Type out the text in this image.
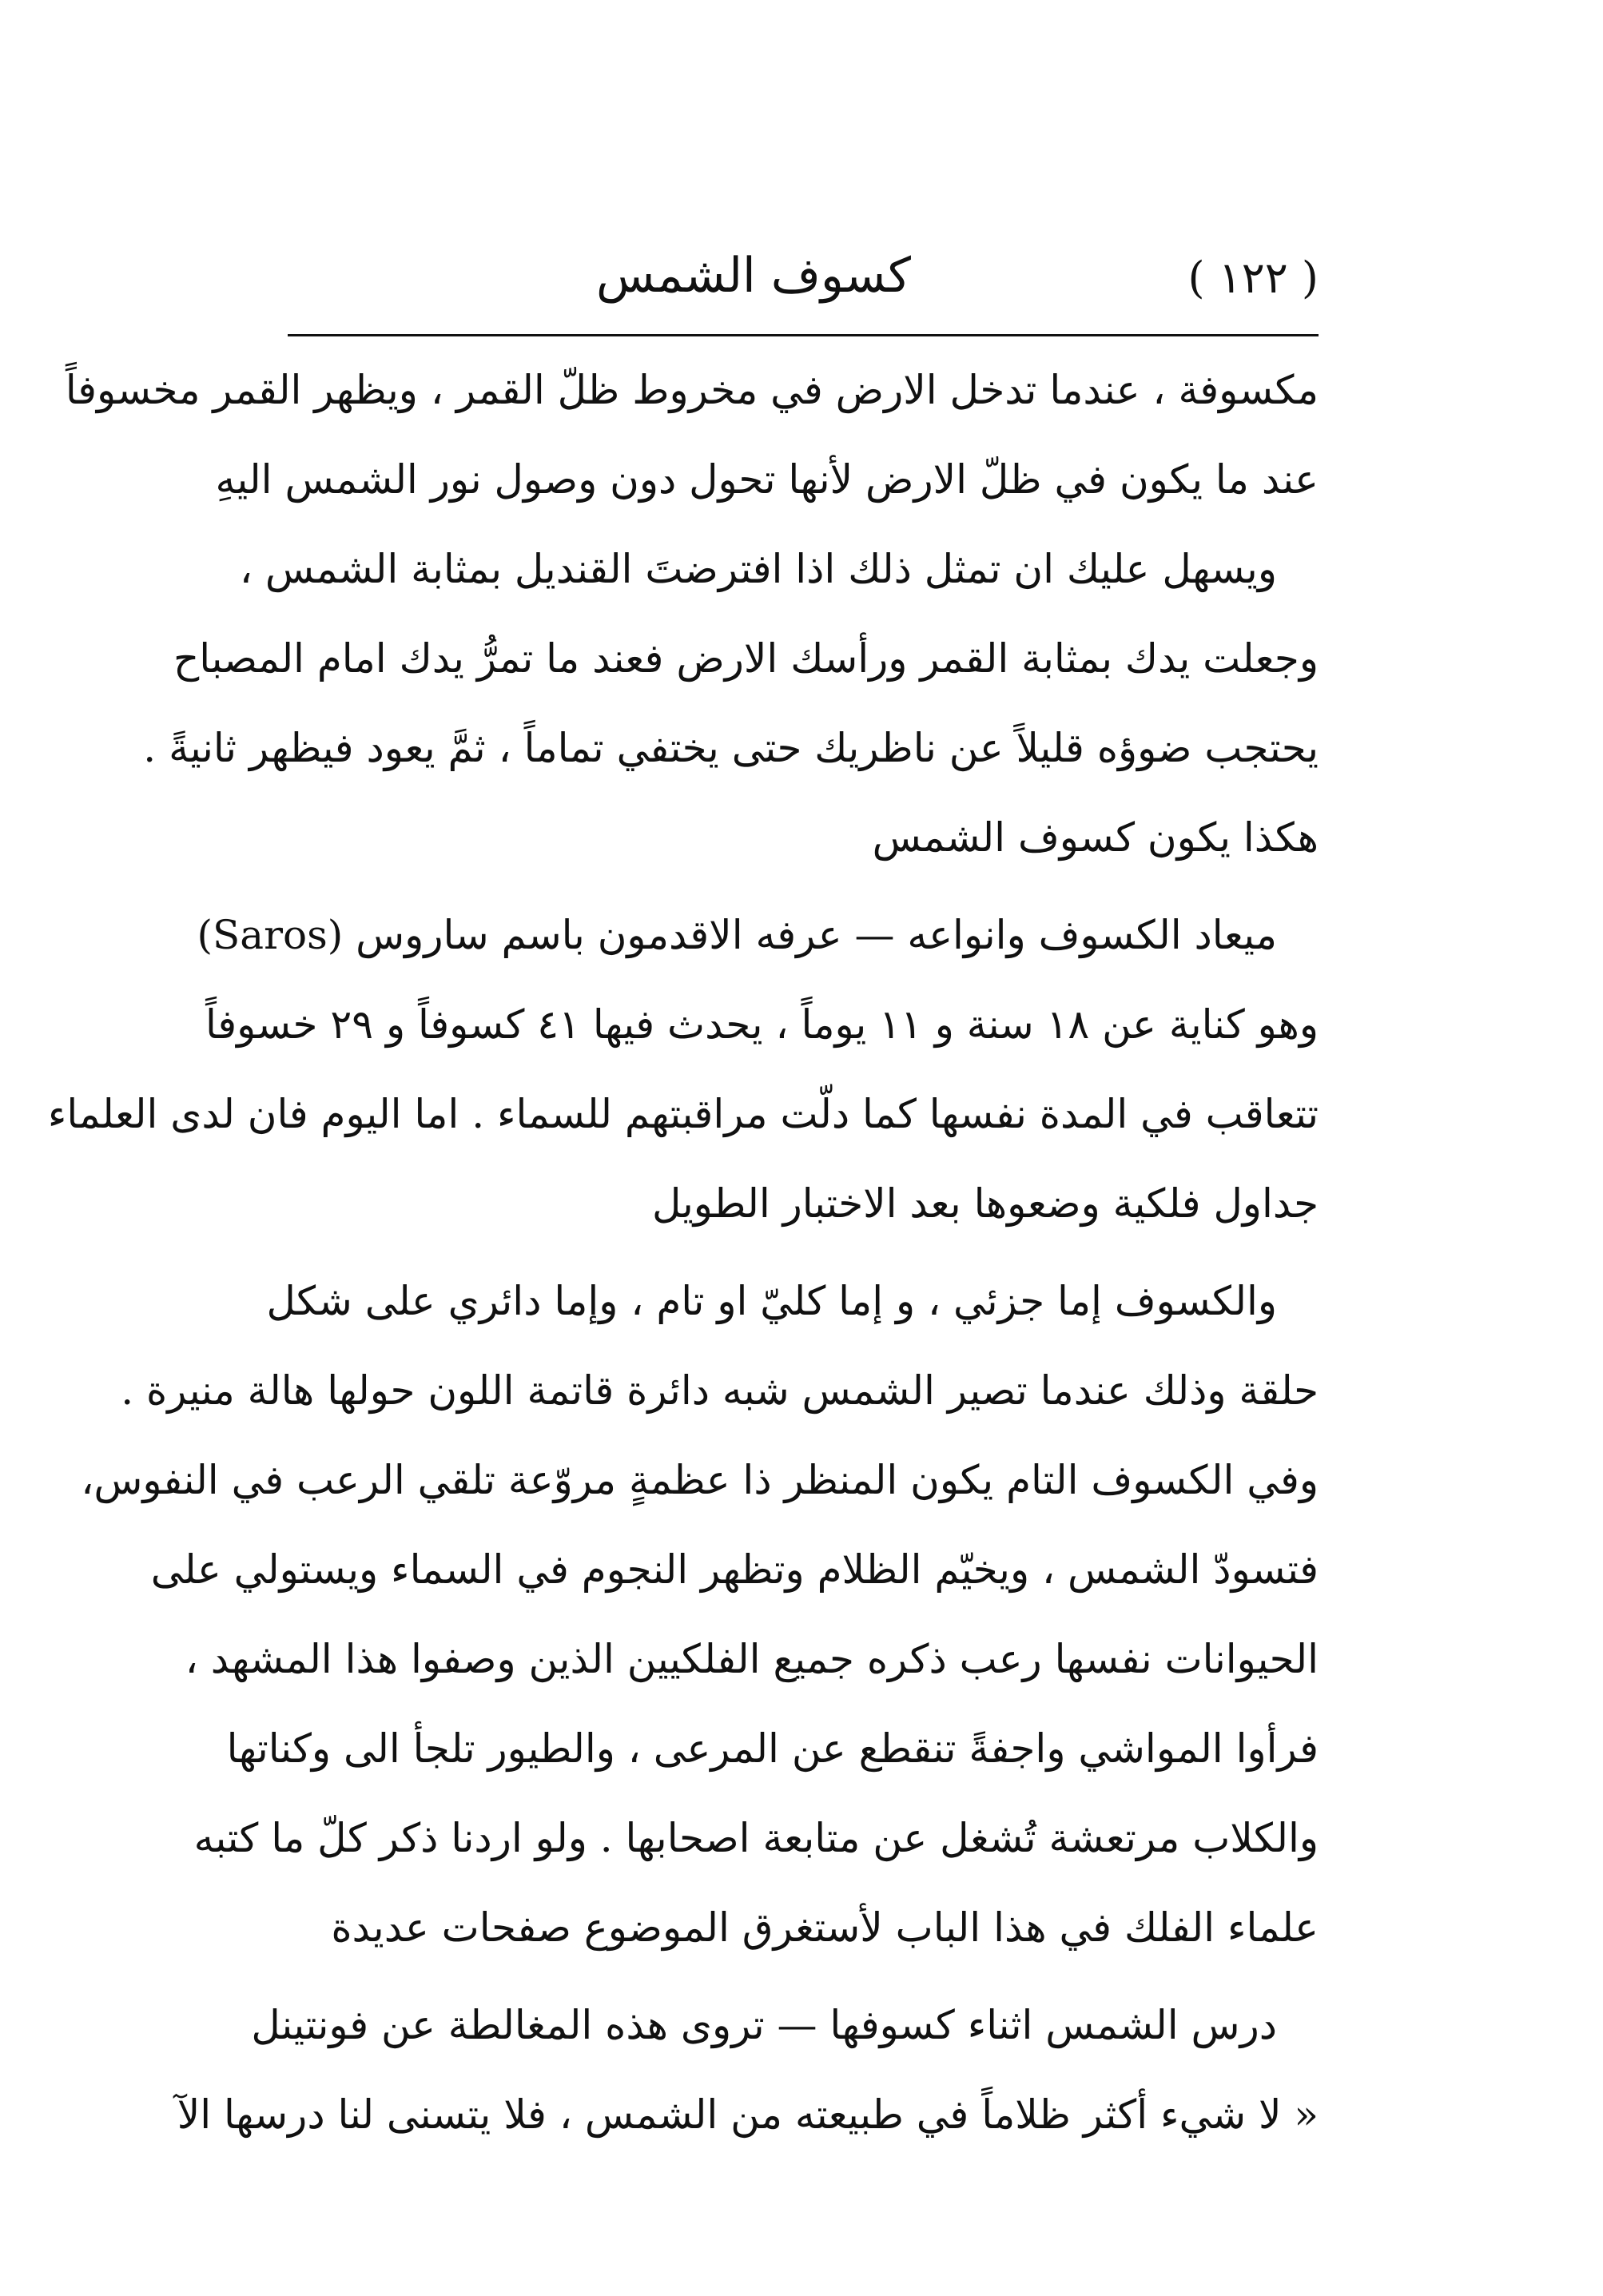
( ١٢٢ )
كسوف الشمس
مكسوفة ، عندما تدخل الارض في مخروط ظلّ القمر ، ويظهر القمر مخسوفاً
عند ما يكون في ظلّ الارض لأنها تحول دون وصول نور الشمس اليهِ
ويسهل عليك ان تمثل ذلك اذا افترضتَ القنديل بمثابة الشمس ،
وجعلت يدك بمثابة القمر ورأسك الارض فعند ما تمرُّ يدك امام المصباح
يحتجب ضوؤه قليلاً عن ناظريك حتى يختفي تماماً ، ثمَّ يعود فيظهر ثانيةً .
هكذا يكون كسوف الشمس
ميعاد الكسوف وانواعه — عرفه الاقدمون باسم ساروس (Saros)
وهو كناية عن ١٨ سنة و ١١ يوماً ، يحدث فيها ٤١ كسوفاً و ٢٩ خسوفاً
تتعاقب في المدة نفسها كما دلّت مراقبتهم للسماء . اما اليوم فان لدى العلماء
جداول فلكية وضعوها بعد الاختبار الطويل
والكسوف إما جزئي ، و إما كليّ او تام ، وإما دائري على شكل
حلقة وذلك عندما تصير الشمس شبه دائرة قاتمة اللون حولها هالة منيرة .
وفي الكسوف التام يكون المنظر ذا عظمةٍ مروّعة تلقي الرعب في النفوس،
فتسودّ الشمس ، ويخيّم الظلام وتظهر النجوم في السماء ويستولي على
الحيوانات نفسها رعب ذكره جميع الفلكيين الذين وصفوا هذا المشهد ،
فرأوا المواشي واجفةً تنقطع عن المرعى ، والطيور تلجأ الى وكناتها
والكلاب مرتعشة تُشغل عن متابعة اصحابها . ولو اردنا ذكر كلّ ما كتبه
علماء الفلك في هذا الباب لأستغرق الموضوع صفحات عديدة
درس الشمس اثناء كسوفها — تروى هذه المغالطة عن فونتينل
« لا شيء أكثر ظلاماً في طبيعته من الشمس ، فلا يتسنى لنا درسها الآ
